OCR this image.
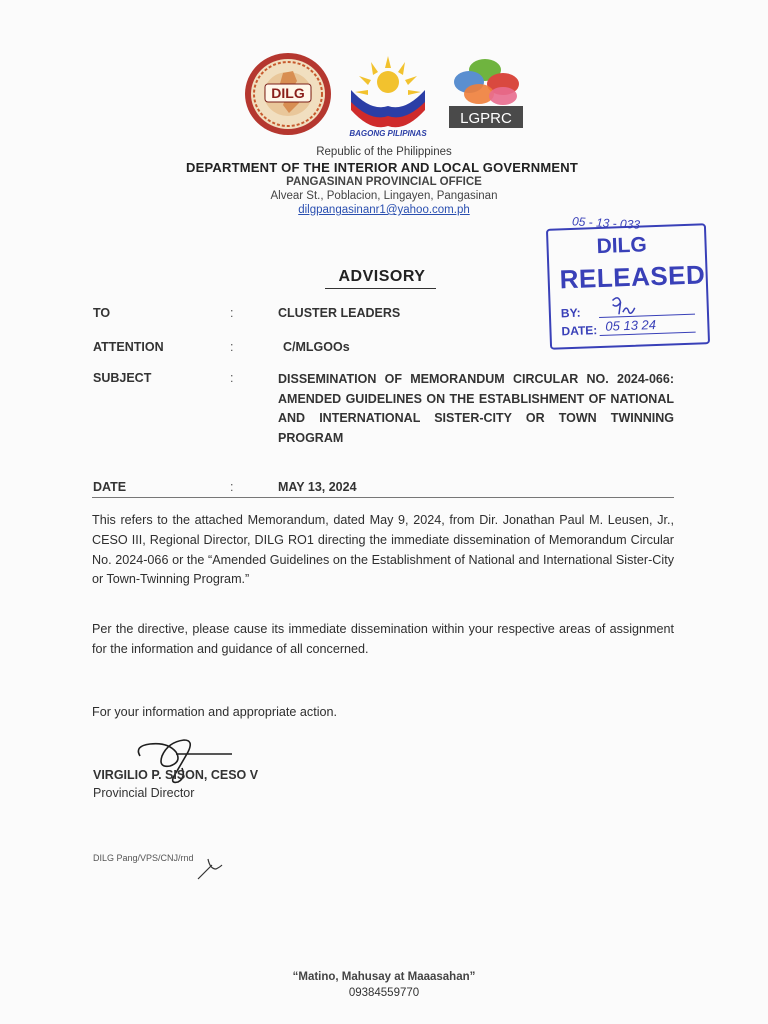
DILG
BAGONG PILIPINAS
LGPRC
Republic of the Philippines
DEPARTMENT OF THE INTERIOR AND LOCAL GOVERNMENT
PANGASINAN PROVINCIAL OFFICE
Alvear St., Poblacion, Lingayen, Pangasinan
dilgpangasinanr1@yahoo.com.ph
ADVISORY
05 - 13 - 033
DILG
RELEASED
BY:
DATE: 05 13 24
TO	:	CLUSTER LEADERS
ATTENTION	:	C/MLGOOs
SUBJECT	:	DISSEMINATION OF MEMORANDUM CIRCULAR NO. 2024-066: AMENDED GUIDELINES ON THE ESTABLISHMENT OF NATIONAL AND INTERNATIONAL SISTER-CITY OR TOWN TWINNING PROGRAM
DATE	:	MAY 13, 2024
This refers to the attached Memorandum, dated May 9, 2024, from Dir. Jonathan Paul M. Leusen, Jr., CESO III, Regional Director, DILG RO1 directing the immediate dissemination of Memorandum Circular No. 2024-066 or the “Amended Guidelines on the Establishment of National and International Sister-City or Town-Twinning Program.”
Per the directive, please cause its immediate dissemination within your respective areas of assignment for the information and guidance of all concerned.
For your information and appropriate action.
VIRGILIO P. SISON, CESO V
Provincial Director
DILG Pang/VPS/CNJ/rnd
“Matino, Mahusay at Maaasahan”
09384559770
